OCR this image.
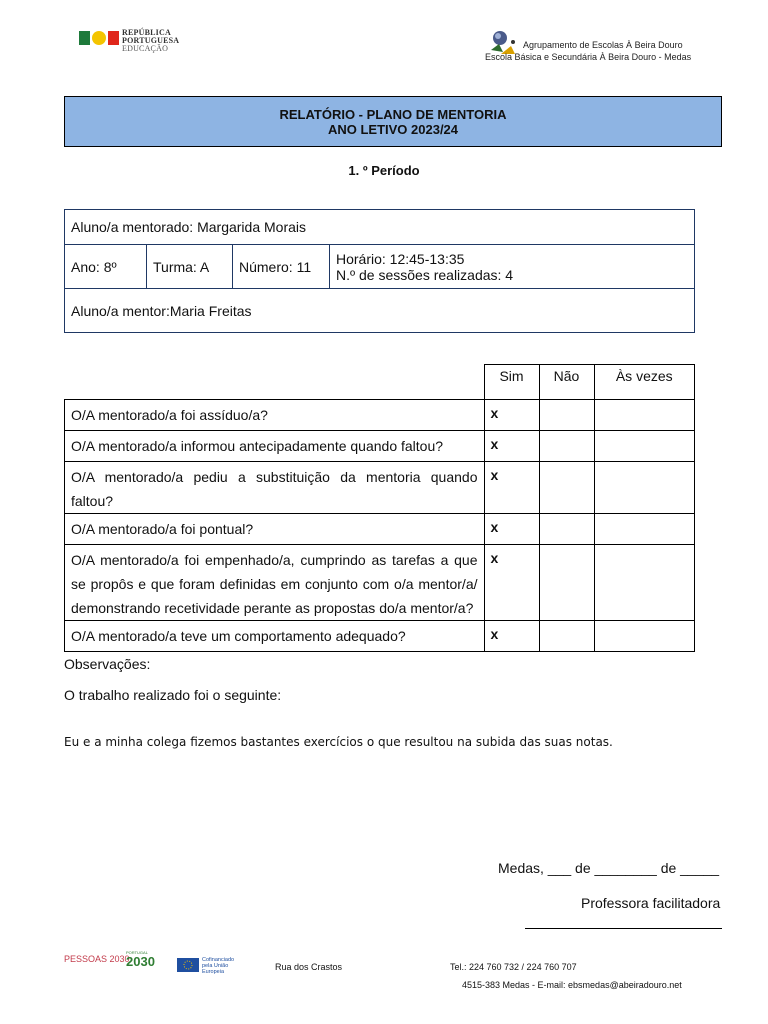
REPÚBLICA
PORTUGUESA
EDUCAÇÃO	Agrupamento de Escolas À Beira Douro
Escola Básica e Secundária À Beira Douro - Medas
RELATÓRIO - PLANO DE MENTORIA
ANO LETIVO 2023/24
1. º Período
Aluno/a mentorado: Margarida Morais
Ano: 8º	Turma: A	Número: 11	Horário: 12:45-13:35
N.º de sessões realizadas: 4

Aluno/a mentor:Maria Freitas
	Sim	Não	Às vezes
O/A mentorado/a foi assíduo/a?	x		
O/A mentorado/a informou antecipadamente quando faltou?	x		
O/A mentorado/a pediu a substituição da mentoria quando faltou?	x		
O/A mentorado/a foi pontual?	x		
O/A mentorado/a foi empenhado/a, cumprindo as tarefas a que se propôs e que foram definidas em conjunto com o/a mentor/a/ demonstrando recetividade perante as propostas do/a mentor/a?	x		
O/A mentorado/a teve um comportamento adequado?	x		
Observações:
O trabalho realizado foi o seguinte:
Eu e a minha colega fizemos bastantes exercícios o que resultou na subida das suas notas.
Medas, ___ de ________ de _____
Professora facilitadora
PESSOAS 2030
PORTUGAL
2030	Cofinanciado pela União Europeia	Rua dos Crastos	Tel.: 224 760 732 / 224 760 707
4515-383 Medas - E-mail: ebsmedas@abeiradouro.net
